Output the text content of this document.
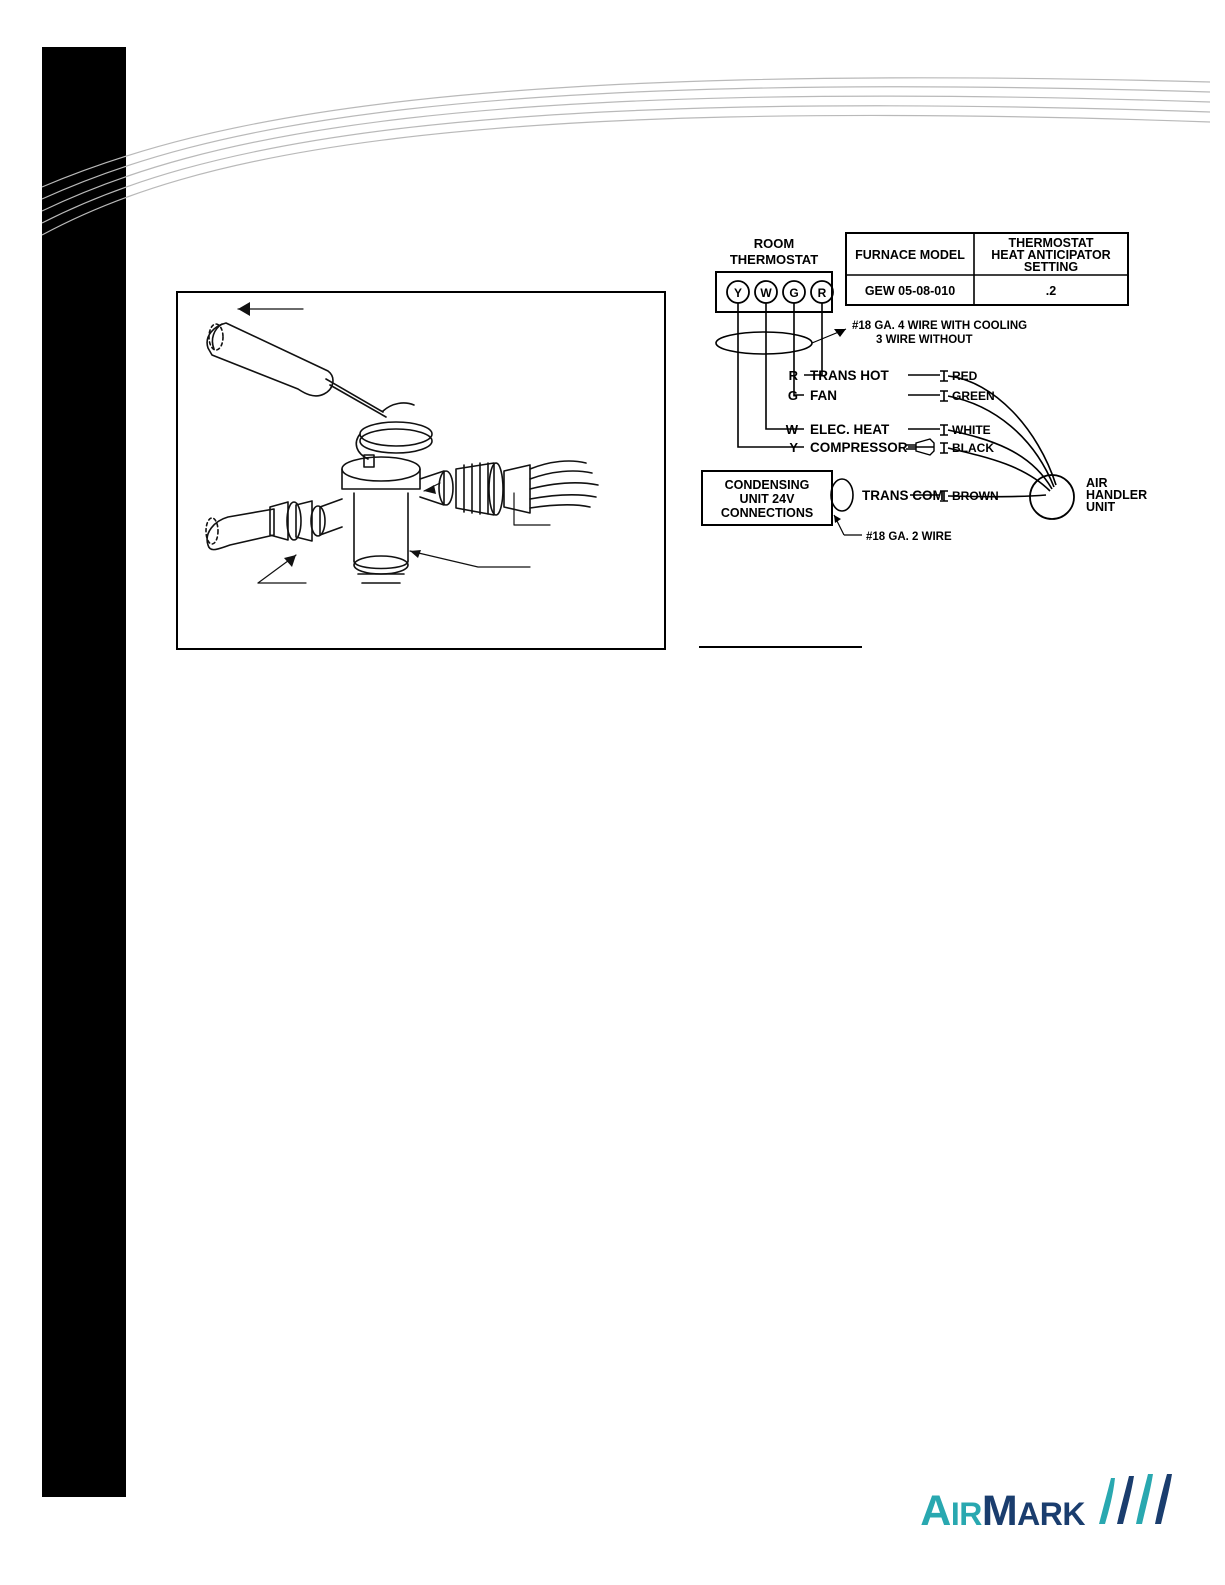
ROOM
THERMOSTAT
Y W G R
FURNACE MODEL
THERMOSTAT
HEAT ANTICIPATOR
SETTING
GEW 05-08-010	.2
#18 GA. 4 WIRE WITH COOLING
3 WIRE WITHOUT
R
G
W
Y
TRANS HOT
FAN
ELEC. HEAT
COMPRESSOR
RED
GREEN
WHITE
BLACK
BROWN
AIR
HANDLER
UNIT
CONDENSING
UNIT 24V
CONNECTIONS
TRANS COM
#18 GA. 2 WIRE
AIRMARK
